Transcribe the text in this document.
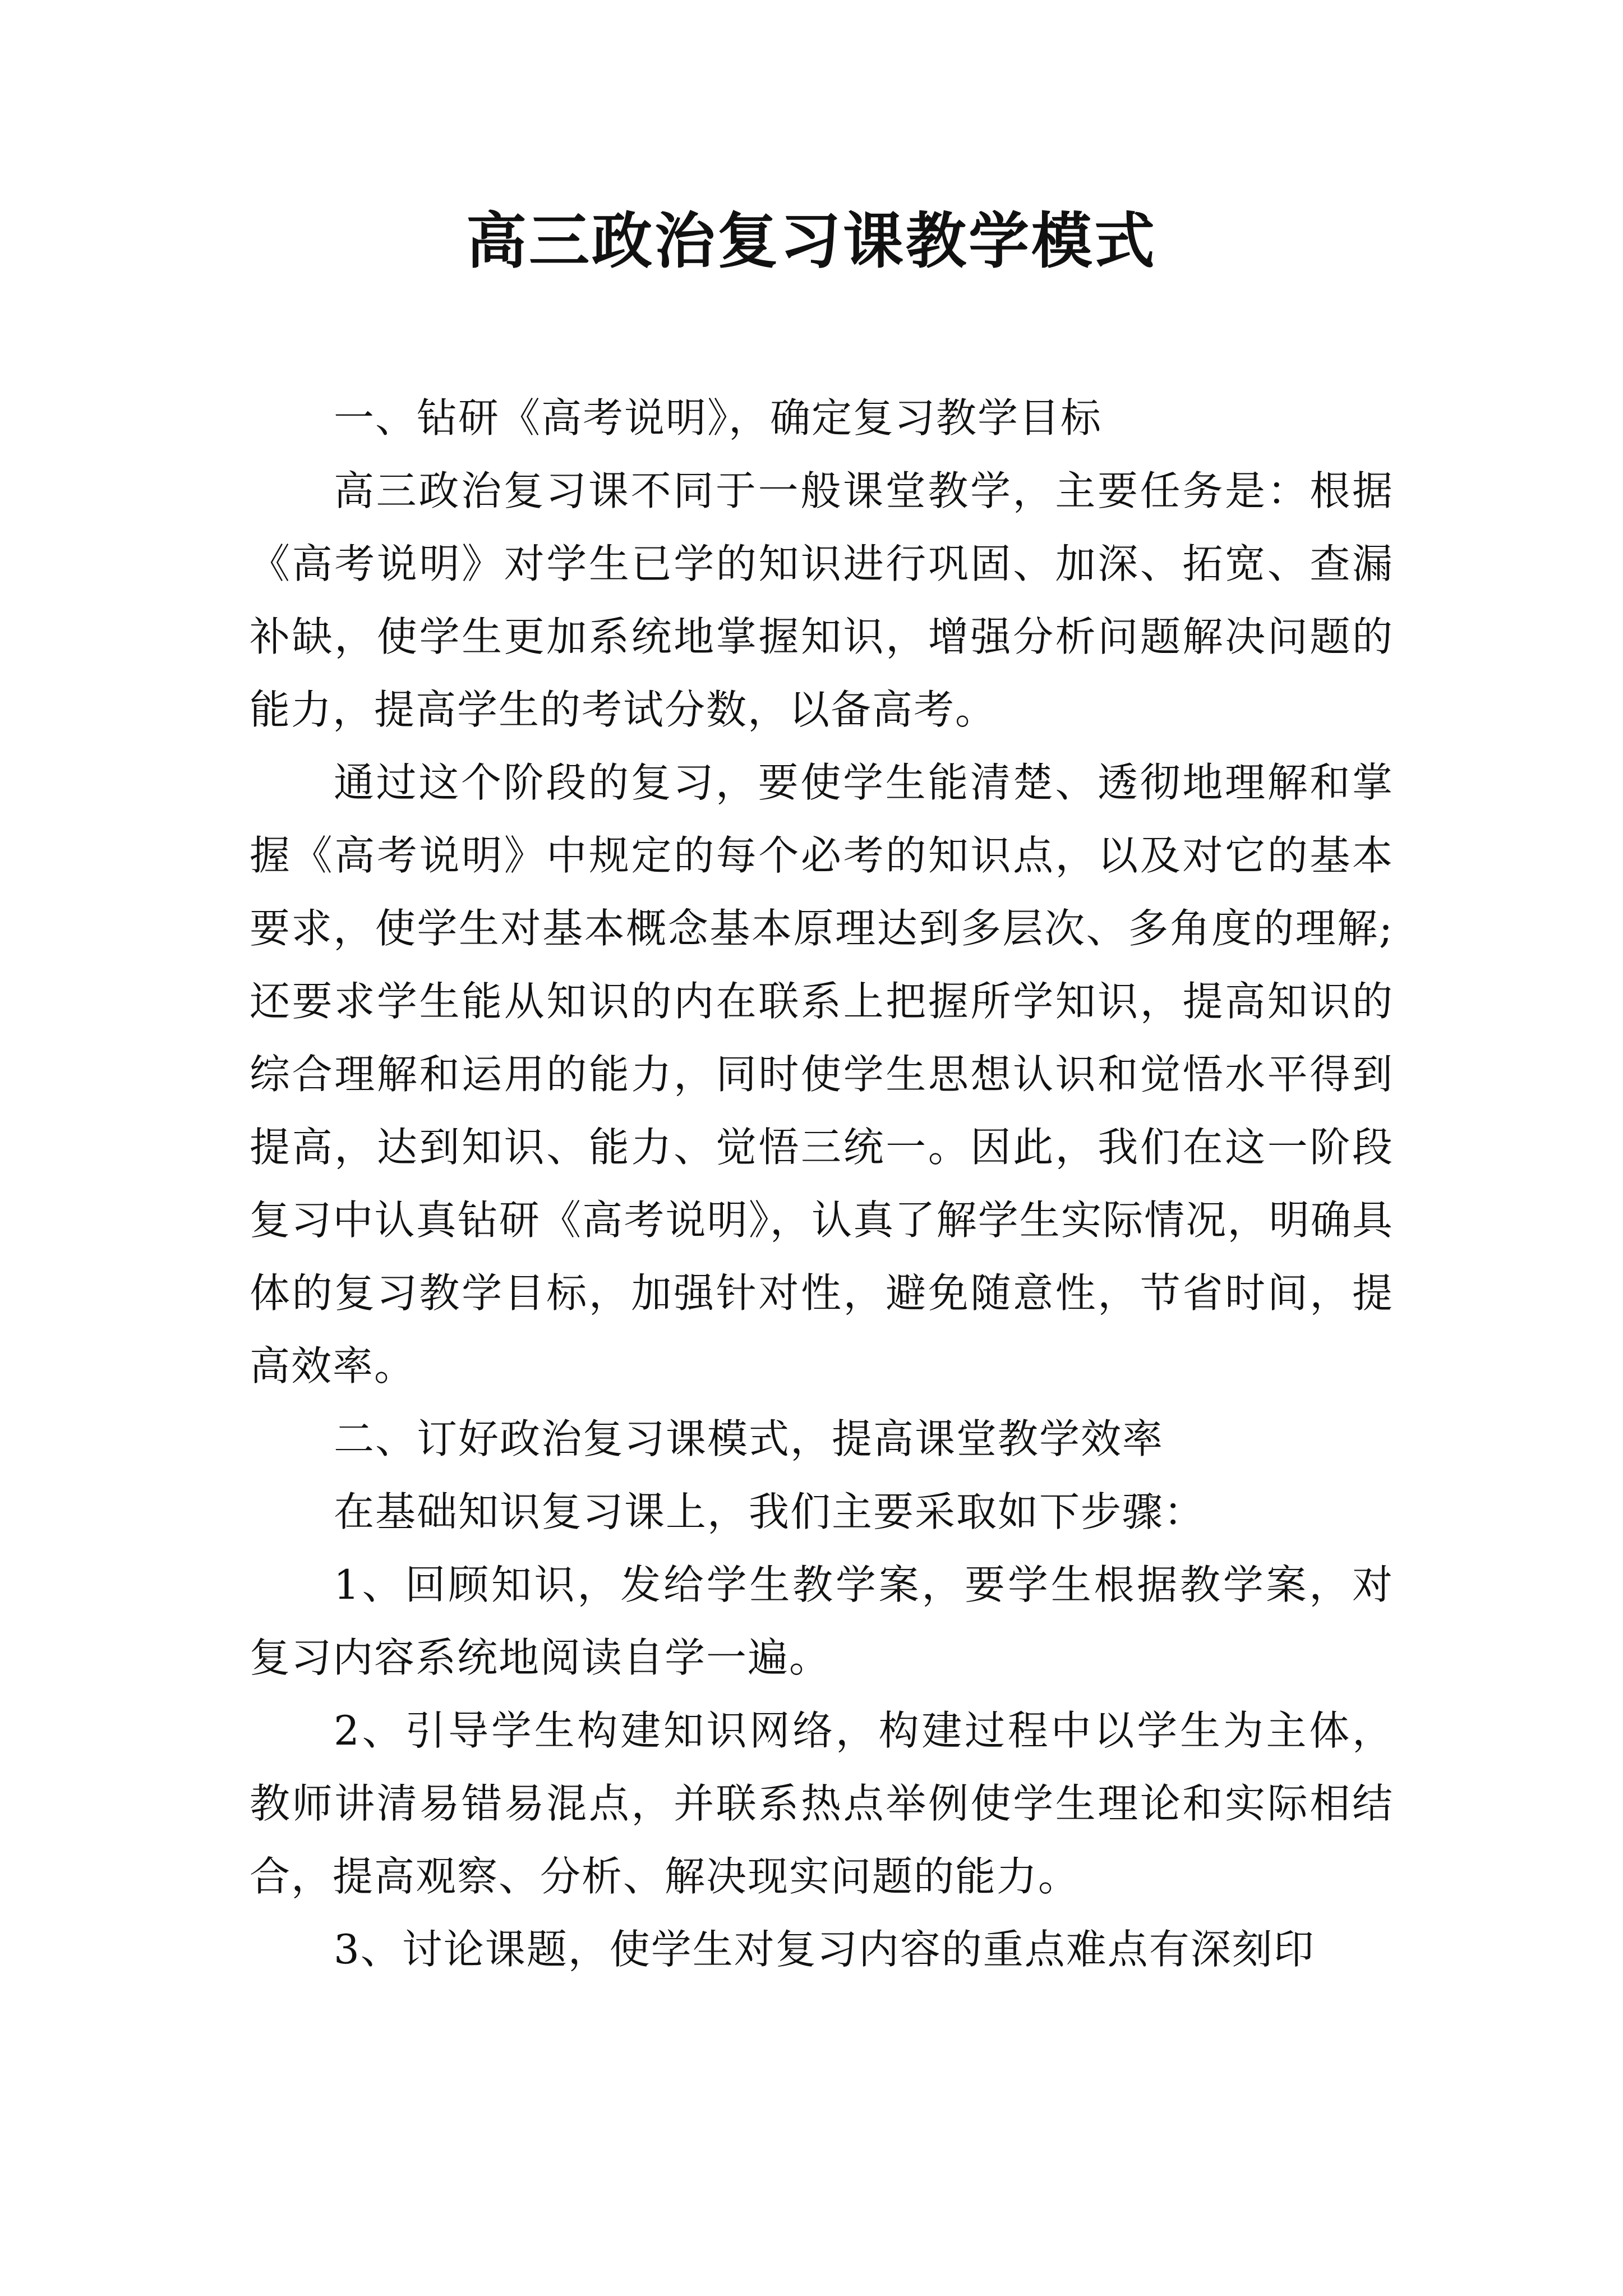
高三政治复习课教学模式

一、钻研《高考说明》，确定复习教学目标

高三政治复习课不同于一般课堂教学，主要任务是：根据《高考说明》对学生已学的知识进行巩固、加深、拓宽、查漏补缺，使学生更加系统地掌握知识，增强分析问题解决问题的能力，提高学生的考试分数，以备高考。

通过这个阶段的复习，要使学生能清楚、透彻地理解和掌握《高考说明》中规定的每个必考的知识点，以及对它的基本要求，使学生对基本概念基本原理达到多层次、多角度的理解;还要求学生能从知识的内在联系上把握所学知识，提高知识的综合理解和运用的能力，同时使学生思想认识和觉悟水平得到提高，达到知识、能力、觉悟三统一。因此，我们在这一阶段复习中认真钻研《高考说明》，认真了解学生实际情况，明确具体的复习教学目标，加强针对性，避免随意性，节省时间，提高效率。

二、订好政治复习课模式，提高课堂教学效率

在基础知识复习课上，我们主要采取如下步骤：

1、回顾知识，发给学生教学案，要学生根据教学案，对复习内容系统地阅读自学一遍。

2、引导学生构建知识网络，构建过程中以学生为主体，教师讲清易错易混点，并联系热点举例使学生理论和实际相结合，提高观察、分析、解决现实问题的能力。

3、讨论课题，使学生对复习内容的重点难点有深刻印
